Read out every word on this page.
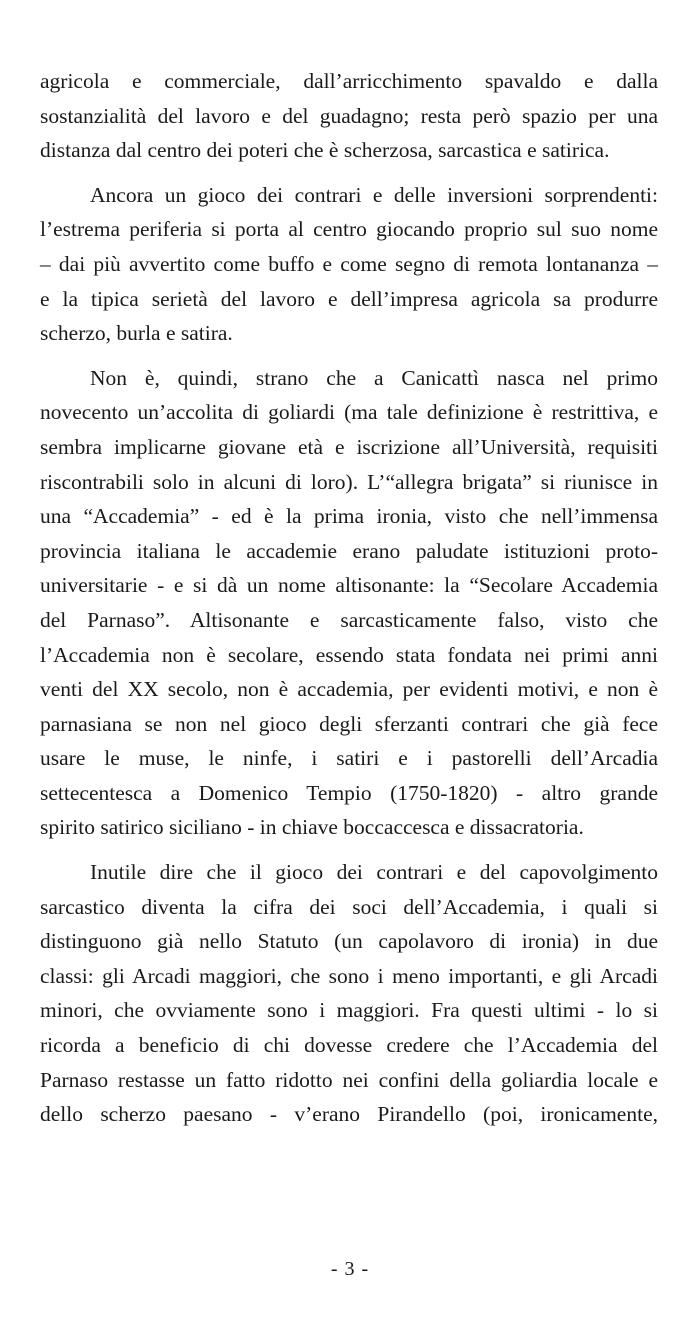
agricola e commerciale, dall’arricchimento spavaldo e dalla
sostanzialità del lavoro e del guadagno; resta però spazio per una
distanza dal centro dei poteri che è scherzosa, sarcastica e satirica.

Ancora un gioco dei contrari e delle inversioni sorprendenti:
l’estrema periferia si porta al centro giocando proprio sul suo nome
– dai più avvertito come buffo e come segno di remota lontananza –
e la tipica serietà del lavoro e dell’impresa agricola sa produrre
scherzo, burla e satira.

Non è, quindi, strano che a Canicattì nasca nel primo
novecento un’accolita di goliardi (ma tale definizione è restrittiva, e
sembra implicarne giovane età e iscrizione all’Università, requisiti
riscontrabili solo in alcuni di loro). L’“allegra brigata” si riunisce in
una “Accademia” - ed è la prima ironia, visto che nell’immensa
provincia italiana le accademie erano paludate istituzioni proto-
universitarie - e si dà un nome altisonante: la “Secolare Accademia
del Parnaso”. Altisonante e sarcasticamente falso, visto che
l’Accademia non è secolare, essendo stata fondata nei primi anni
venti del XX secolo, non è accademia, per evidenti motivi, e non è
parnasiana se non nel gioco degli sferzanti contrari che già fece
usare le muse, le ninfe, i satiri e i pastorelli dell’Arcadia
settecentesca a Domenico Tempio (1750-1820) - altro grande
spirito satirico siciliano - in chiave boccaccesca e dissacratoria.

Inutile dire che il gioco dei contrari e del capovolgimento
sarcastico diventa la cifra dei soci dell’Accademia, i quali si
distinguono già nello Statuto (un capolavoro di ironia) in due
classi: gli Arcadi maggiori, che sono i meno importanti, e gli Arcadi
minori, che ovviamente sono i maggiori. Fra questi ultimi - lo si
ricorda a beneficio di chi dovesse credere che l’Accademia del
Parnaso restasse un fatto ridotto nei confini della goliardia locale e
dello scherzo paesano - v’erano Pirandello (poi, ironicamente,

- 3 -
